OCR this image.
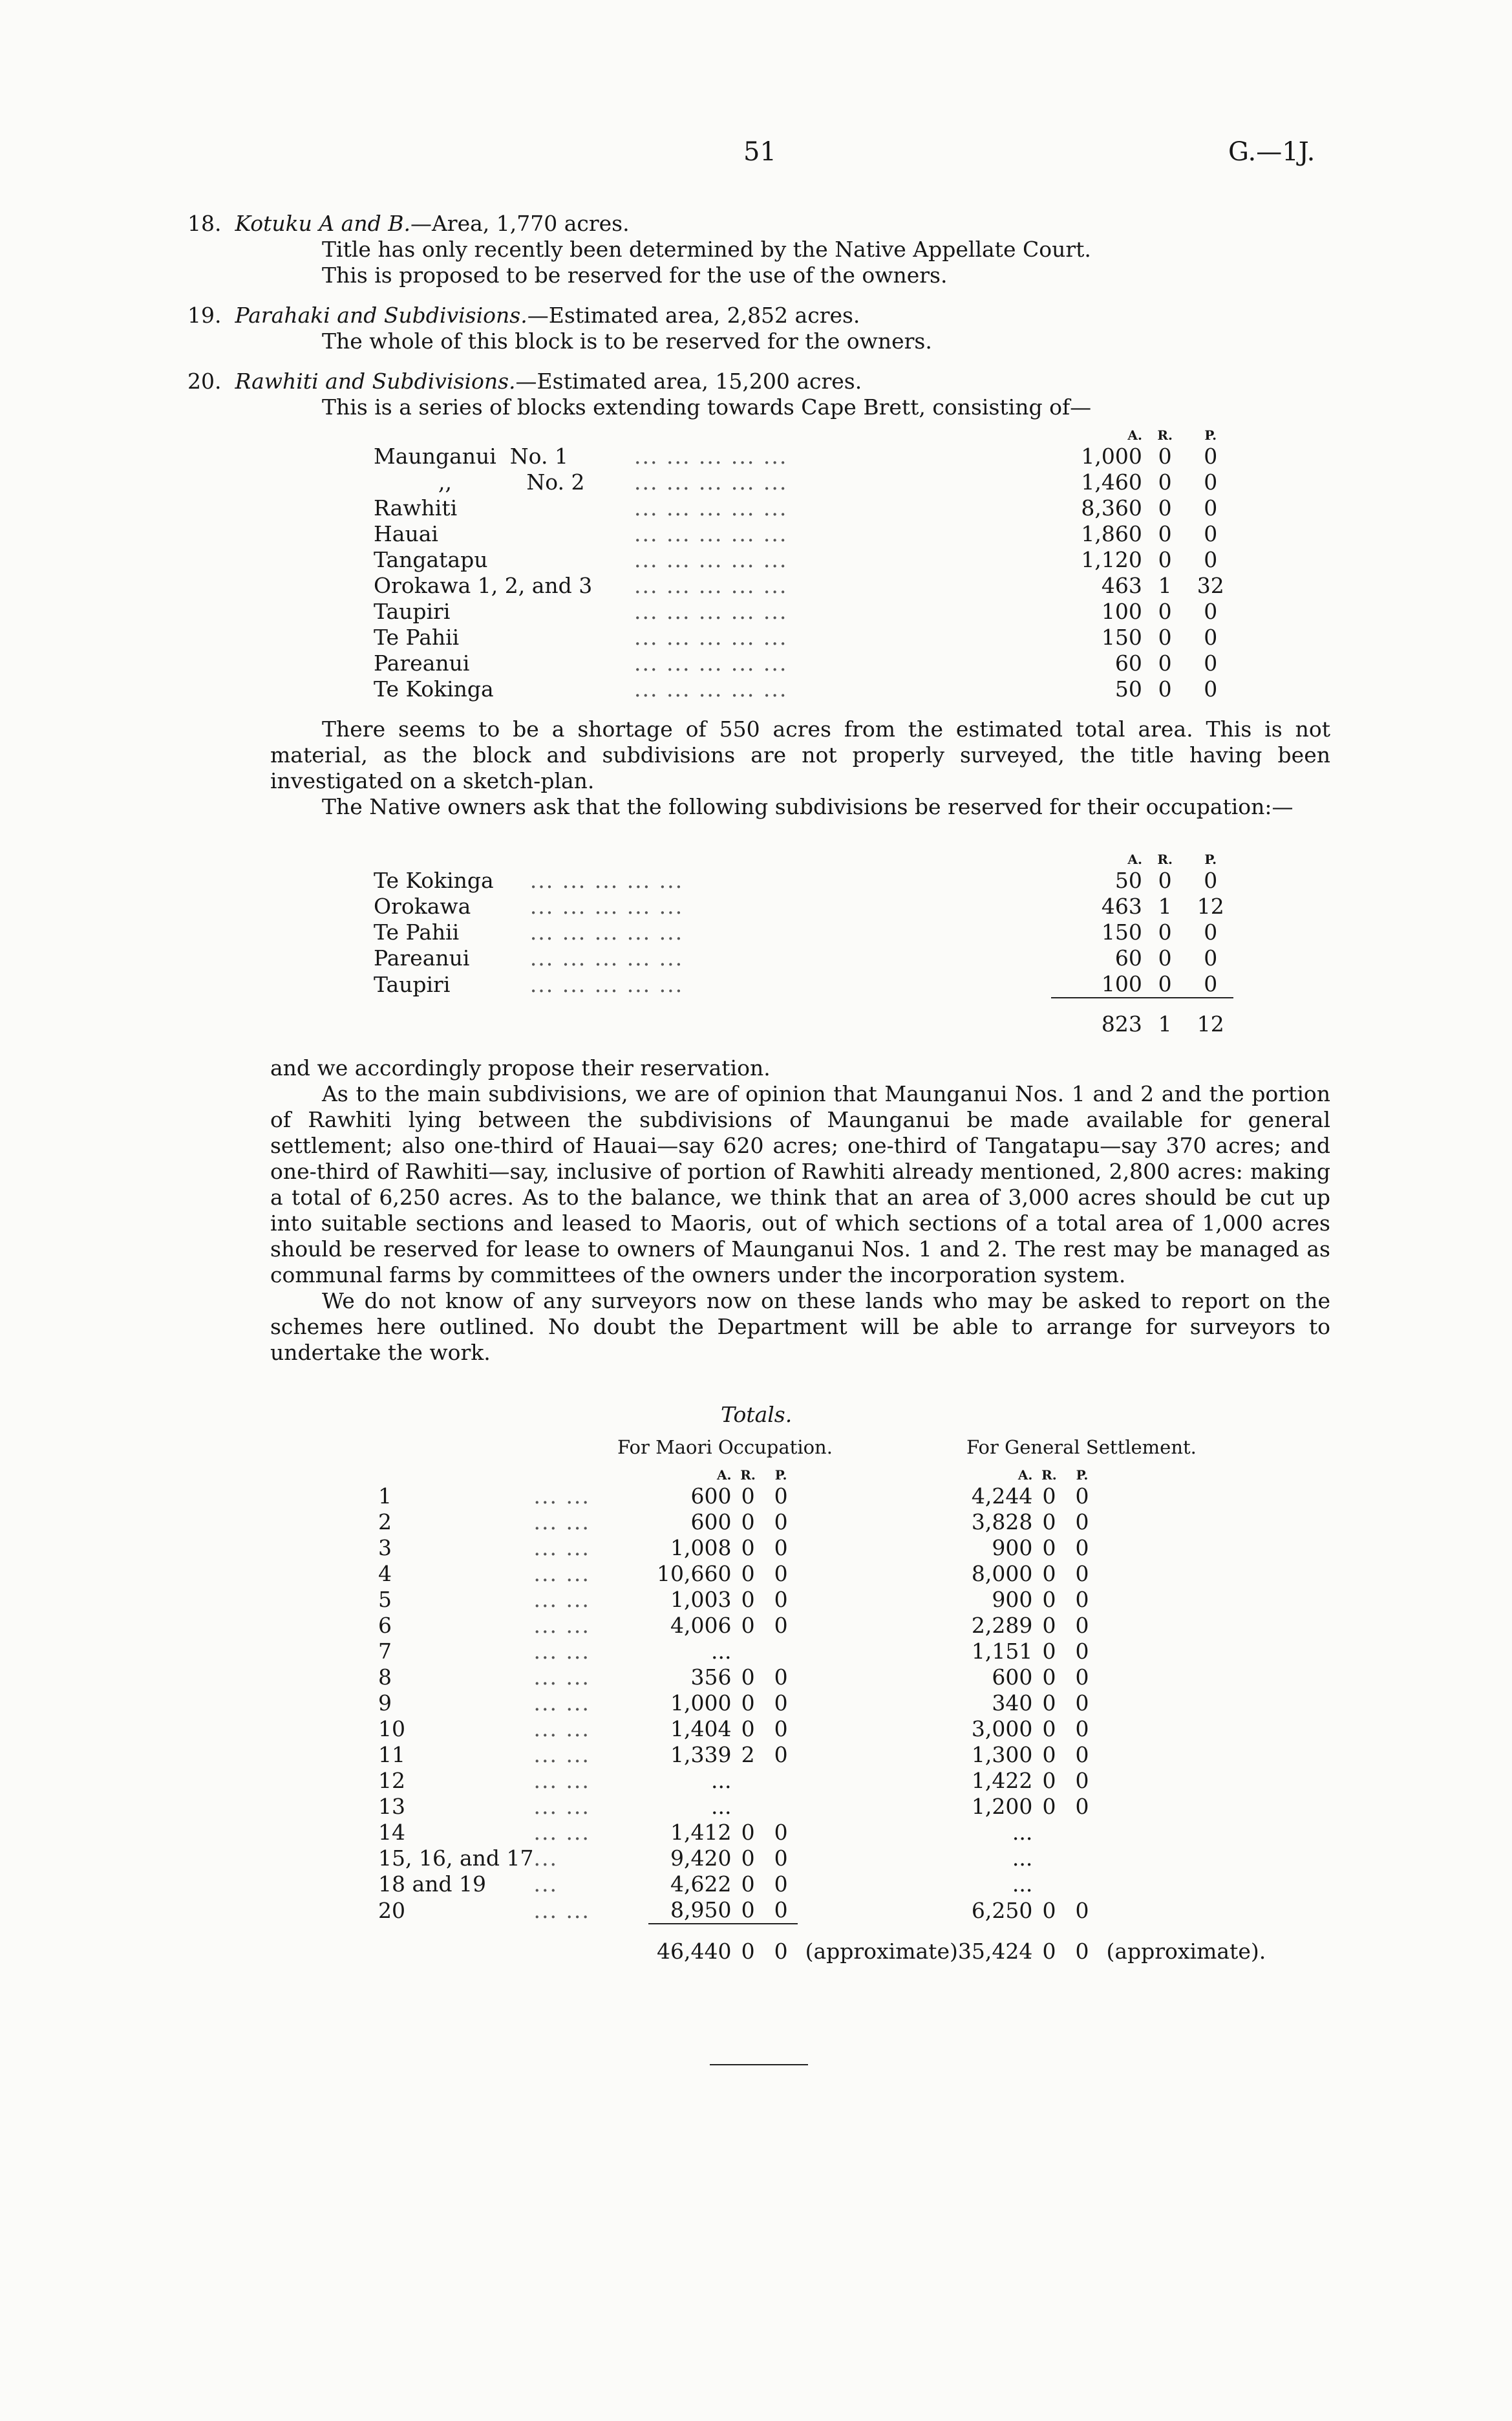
51	G.—1J.
18. Kotuku A and B.—Area, 1,770 acres.
Title has only recently been determined by the Native Appellate Court.
This is proposed to be reserved for the use of the owners.
19. Parahaki and Subdivisions.—Estimated area, 2,852 acres.
The whole of this block is to be reserved for the owners.
20. Rawhiti and Subdivisions.—Estimated area, 15,200 acres.
This is a series of blocks extending towards Cape Brett, consisting of—
		A.	R.	P.
Maunganui  No. 1	... ... ... ... ...	1,000	0	0
,,           No. 2	... ... ... ... ...	1,460	0	0
Rawhiti	... ... ... ... ...	8,360	0	0
Hauai	... ... ... ... ...	1,860	0	0
Tangatapu	... ... ... ... ...	1,120	0	0
Orokawa 1, 2, and 3	... ... ... ... ...	463	1	32
Taupiri	... ... ... ... ...	100	0	0
Te Pahii	... ... ... ... ...	150	0	0
Pareanui	... ... ... ... ...	60	0	0
Te Kokinga	... ... ... ... ...	50	0	0

There seems to be a shortage of 550 acres from the estimated total area. This is not material, as the block and subdivisions are not properly surveyed, the title having been investigated on a sketch-plan.

The Native owners ask that the following subdivisions be reserved for their occupation:—

		A.	R.	P.
Te Kokinga	... ... ... ... ...	50	0	0
Orokawa	... ... ... ... ...	463	1	12
Te Pahii	... ... ... ... ...	150	0	0
Pareanui	... ... ... ... ...	60	0	0
Taupiri	... ... ... ... ...	100	0	0
		823	1	12

and we accordingly propose their reservation.

As to the main subdivisions, we are of opinion that Maunganui Nos. 1 and 2 and the portion of Rawhiti lying between the subdivisions of Maunganui be made available for general settlement; also one-third of Hauai—say 620 acres; one-third of Tangatapu—say 370 acres; and one-third of Rawhiti—say, inclusive of portion of Rawhiti already mentioned, 2,800 acres: making a total of 6,250 acres. As to the balance, we think that an area of 3,000 acres should be cut up into suitable sections and leased to Maoris, out of which sections of a total area of 1,000 acres should be reserved for lease to owners of Maunganui Nos. 1 and 2. The rest may be managed as communal farms by committees of the owners under the incorporation system.

We do not know of any surveyors now on these lands who may be asked to report on the schemes here outlined. No doubt the Department will be able to arrange for surveyors to undertake the work.

Totals.
For Maori Occupation.	For General Settlement.
		A.	R.	P.		A.	R.	P.	
1	... ...	600	0	0		4,244	0	0	
2	... ...	600	0	0		3,828	0	0	
3	... ...	1,008	0	0		900	0	0	
4	... ...	10,660	0	0		8,000	0	0	
5	... ...	1,003	0	0		900	0	0	
6	... ...	4,006	0	0		2,289	0	0	
7	... ...	...				1,151	0	0	
8	... ...	356	0	0		600	0	0	
9	... ...	1,000	0	0		340	0	0	
10	... ...	1,404	0	0		3,000	0	0	
11	... ...	1,339	2	0		1,300	0	0	
12	... ...	...				1,422	0	0	
13	... ...	...				1,200	0	0	
14	... ...	1,412	0	0		...			
15, 16, and 17	...	9,420	0	0		...			
18 and 19	...	4,622	0	0		...			
20	... ...	8,950	0	0		6,250	0	0	
		46,440	0	0	(approximate)	35,424	0	0	(approximate).
